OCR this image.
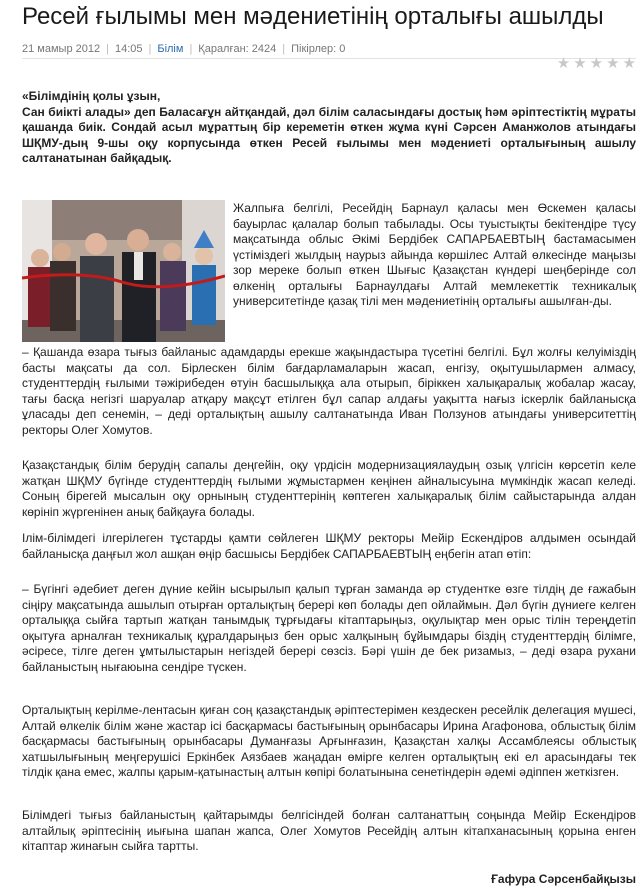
Ресей ғылымы мен мәдениетінің орталығы ашылды
21 мамыр 2012 | 14:05 | Білім | Қаралған: 2424 | Пікірлер: 0
★ ★ ★ ★ ★

«Білімдінің қолы ұзын,

Сан биікті алады» деп Баласағұн айтқандай, дәл білім саласындағы достық һәм әріптестіктің мұраты қашанда биік. Сондай асыл мұраттың бір кереметін өткен жұма күні Сәрсен Аманжолов атындағы ШҚМУ-дың 9-шы оқу корпусында өткен Ресей ғылымы мен мәдениеті орталығының ашылу салтанатынан байқадық.

Жалпыға белгілі, Ресейдің Барнаул қаласы мен Өскемен қаласы бауырлас қалалар болып табылады. Осы туыстықты бекітендіре түсу мақсатында облыс Әкімі Бердібек САПАРБАЕВТЫҢ бастамасымен үстіміздегі жылдың наурыз айында көршілес Алтай өлкесінде маңызы зор мереке болып өткен Шығыс Қазақстан күндері шеңберінде сол өлкенің орталығы Барнаулдағы Алтай мемлекеттік техникалық университетінде қазақ тілі мен мәдениетінің орталығы ашылған-ды.
– Қашанда өзара тығыз байланыс адамдарды ерекше жақындастыра түсетіні белгілі. Бұл жолғы келуіміздің басты мақсаты да сол. Бірлескен білім бағдарламаларын жасап, енгізу, оқытушылармен алмасу, студенттердің ғылыми тәжірибеден өтуін басшылыққа ала отырып, біріккен халықаралық жобалар жасау, тағы басқа негізгі шаруалар атқару мақсұт етілген бұл сапар алдағы уақытта нағыз іскерлік байланысқа ұласады деп сенемін, – деді орталықтың ашылу салтанатында Иван Ползунов атындағы университеттің ректоры Олег Хомутов.
Қазақстандық білім берудің сапалы деңгейін, оқу үрдісін модернизациялаудың озық үлгісін көрсетіп келе жатқан ШҚМУ бүгінде студенттердің ғылыми жұмыстармен кеңінен айналысуына мүмкіндік жасап келеді. Соның бірегей мысалын оқу орнының студенттерінің көптеген халықаралық білім сайыстарында алдан көрініп жүргенінен анық байқауға болады.
Ілім-білімдегі ілгерілеген тұстарды қамти сөйлеген ШҚМУ ректоры Мейір Ескендіров алдымен осындай байланысқа даңғыл жол ашқан өңір басшысы Бердібек САПАРБАЕВТЫҢ еңбегін атап өтіп:
– Бүгінгі әдебиет деген дүние кейін ысырылып қалып тұрған заманда әр студентке өзге тілдің де ғажабын сіңіру мақсатында ашылып отырған орталықтың берері көп болады деп ойлаймын. Дәл бүгін дүниеге келген орталыққа сыйға тартып жатқан танымдық тұрғыдағы кітаптарыңыз, оқулықтар мен орыс тілін тереңдетіп оқытуға арналған техникалық құралдарыңыз бен орыс халқының бұйымдары біздің студенттердің білімге, әсіресе, тілге деген ұмтылыстарын негіздей берері сөзсіз. Бәрі үшін де бек ризамыз, – деді өзара рухани байланыстың нығаюына сендіре түскен.
Орталықтың керілме-лентасын қиған соң қазақстандық әріптестерімен кездескен ресейлік делегация мүшесі, Алтай өлкелік білім және жастар ісі басқармасы бастығының орынбасары Ирина Агафонова, облыстық білім басқармасы бастығының орынбасары Думанғазы Арғынғазин, Қазақстан халқы Ассамблеясы облыстық хатшылығының меңгерушісі Еркінбек Аязбаев жаңадан өмірге келген орталықтың екі ел арасындағы тек тілдік қана емес, жалпы қарым-қатынастың алтын көпірі болатынына сенетіндерін әдемі әдіппен жеткізген.
Білімдегі тығыз байланыстың қайтарымды белгісіндей болған салтанаттың соңында Мейір Ескендіров алтайлық әріптесінің иығына шапан жапса, Олег Хомутов Ресейдің алтын кітапханасының қорына енген кітаптар жинағын сыйға тартты.
Ғафура Сәрсенбайқызы
